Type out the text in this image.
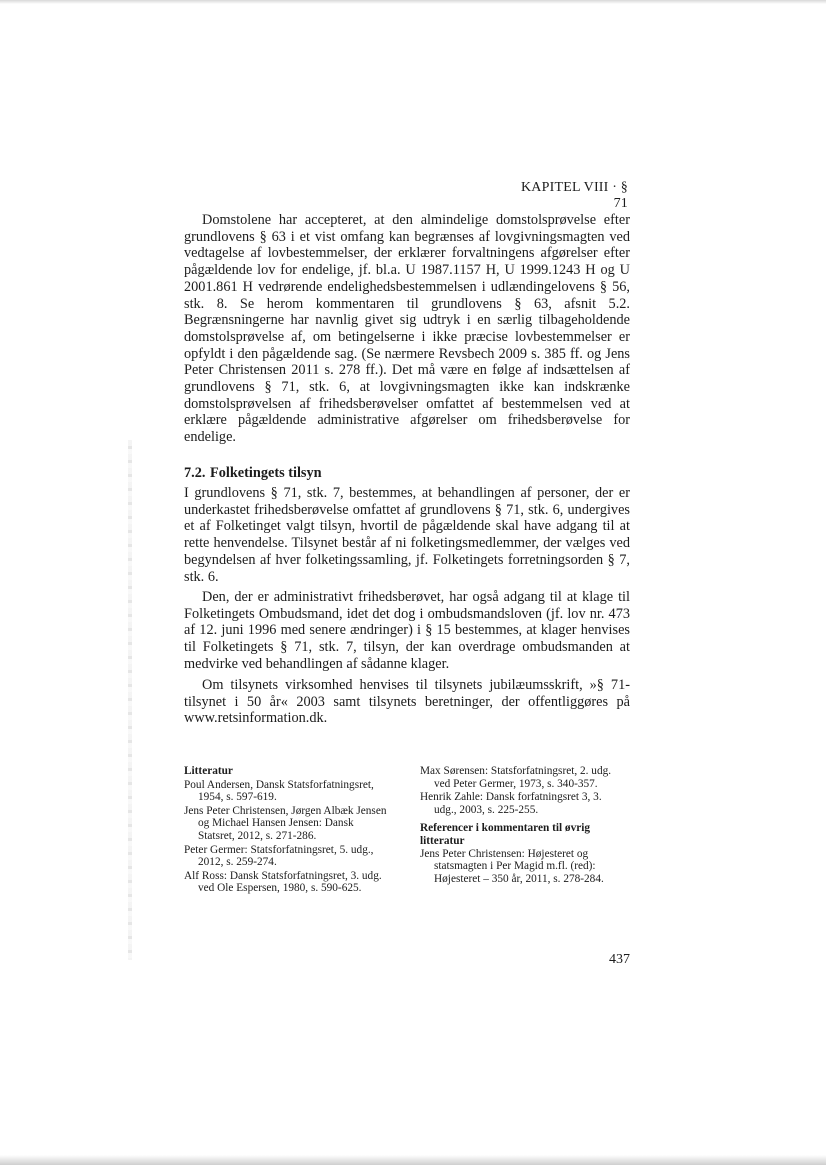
KAPITEL VIII · § 71

Domstolene har accepteret, at den almindelige domstolsprøvelse efter grundlovens § 63 i et vist omfang kan begrænses af lovgivningsmagten ved vedtagelse af lovbestemmelser, der erklærer forvaltningens afgørelser efter pågældende lov for endelige, jf. bl.a. U 1987.1157 H, U 1999.1243 H og U 2001.861 H vedrørende endelighedsbestemmelsen i udlændingelovens § 56, stk. 8. Se herom kommentaren til grundlovens § 63, afsnit 5.2. Begrænsningerne har navnlig givet sig udtryk i en særlig tilbageholdende domstolsprøvelse af, om betingelserne i ikke præcise lovbestemmelser er opfyldt i den pågældende sag. (Se nærmere Revsbech 2009 s. 385 ff. og Jens Peter Christensen 2011 s. 278 ff.). Det må være en følge af indsættelsen af grundlovens § 71, stk. 6, at lovgivningsmagten ikke kan indskrænke domstolsprøvelsen af frihedsberøvelser omfattet af bestemmelsen ved at erklære pågældende administrative afgørelser om frihedsberøvelse for endelige.

7.2. Folketingets tilsyn

I grundlovens § 71, stk. 7, bestemmes, at behandlingen af personer, der er underkastet frihedsberøvelse omfattet af grundlovens § 71, stk. 6, undergives et af Folketinget valgt tilsyn, hvortil de pågældende skal have adgang til at rette henvendelse. Tilsynet består af ni folketingsmedlemmer, der vælges ved begyndelsen af hver folketingssamling, jf. Folketingets forretningsorden § 7, stk. 6.

Den, der er administrativt frihedsberøvet, har også adgang til at klage til Folketingets Ombudsmand, idet det dog i ombudsmandsloven (jf. lov nr. 473 af 12. juni 1996 med senere ændringer) i § 15 bestemmes, at klager henvises til Folketingets § 71, stk. 7, tilsyn, der kan overdrage ombudsmanden at medvirke ved behandlingen af sådanne klager.

Om tilsynets virksomhed henvises til tilsynets jubilæumsskrift, »§ 71-tilsynet i 50 år« 2003 samt tilsynets beretninger, der offentliggøres på www.retsinformation.dk.

Litteratur
Poul Andersen, Dansk Statsforfatningsret, 1954, s. 597-619.
Jens Peter Christensen, Jørgen Albæk Jensen og Michael Hansen Jensen: Dansk Statsret, 2012, s. 271-286.
Peter Germer: Statsforfatningsret, 5. udg., 2012, s. 259-274.
Alf Ross: Dansk Statsforfatningsret, 3. udg. ved Ole Espersen, 1980, s. 590-625.
Max Sørensen: Statsforfatningsret, 2. udg. ved Peter Germer, 1973, s. 340-357.
Henrik Zahle: Dansk forfatningsret 3, 3. udg., 2003, s. 225-255.
Referencer i kommentaren til øvrig litteratur
Jens Peter Christensen: Højesteret og statsmagten i Per Magid m.fl. (red): Højesteret – 350 år, 2011, s. 278-284.
437
